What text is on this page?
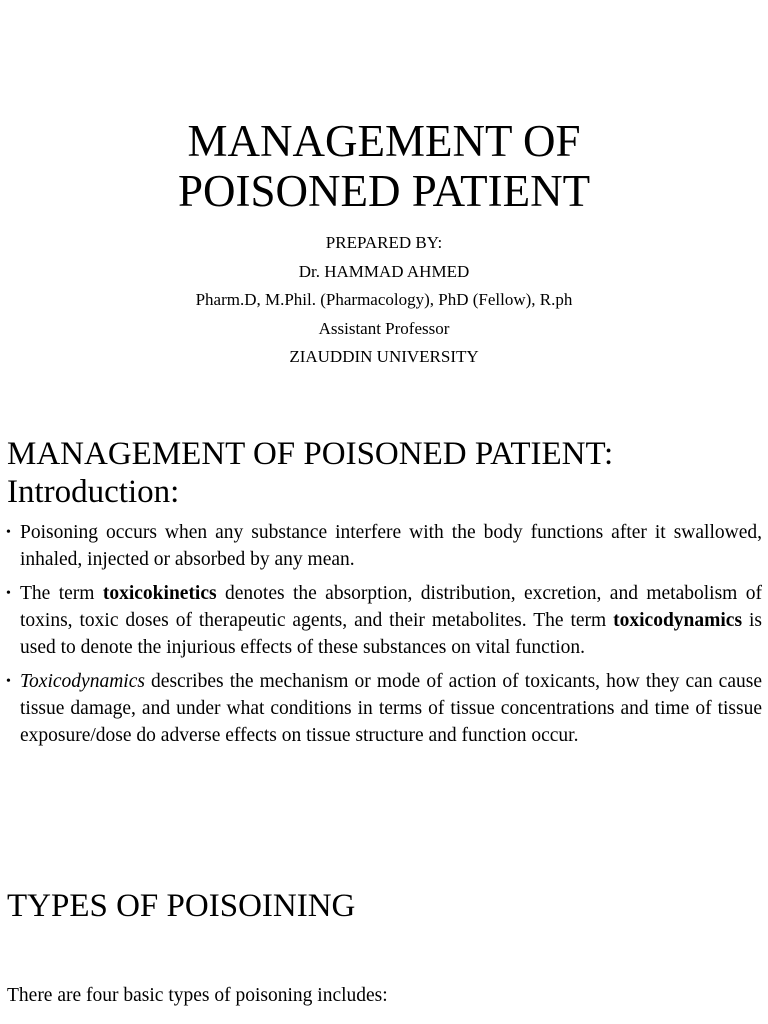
MANAGEMENT OF
POISONED PATIENT
PREPARED BY:
Dr. HAMMAD AHMED
Pharm.D, M.Phil. (Pharmacology), PhD (Fellow), R.ph
Assistant Professor
ZIAUDDIN UNIVERSITY
MANAGEMENT OF POISONED PATIENT:
Introduction:
• Poisoning occurs when any substance interfere with the body functions after it swallowed, inhaled, injected or absorbed by any mean.
• The term toxicokinetics denotes the absorption, distribution, excretion, and metabolism of toxins, toxic doses of therapeutic agents, and their metabolites. The term toxicodynamics is used to denote the injurious effects of these substances on vital function.
• Toxicodynamics describes the mechanism or mode of action of toxicants, how they can cause tissue damage, and under what conditions in terms of tissue concentrations and time of tissue exposure/dose do adverse effects on tissue structure and function occur.
TYPES OF POISOINING

There are four basic types of poisoning includes:
